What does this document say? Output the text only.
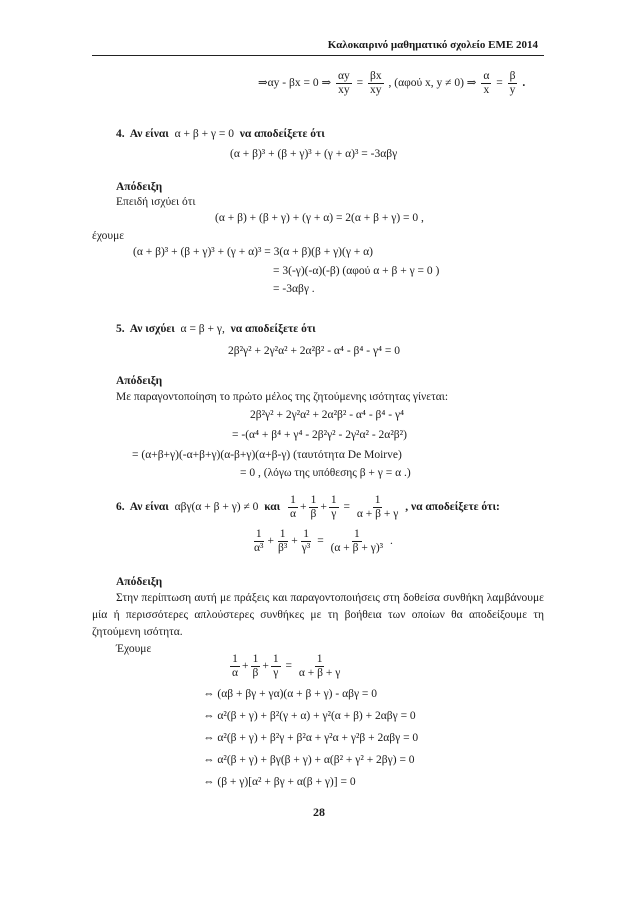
Καλοκαιρινό μαθηματικό σχολείο ΕΜΕ 2014
⇒αy - βx = 0 ⇒ $\frac{\alpha y}{xy} = \frac{\beta x}{xy}$ , (αφού x, y ≠ 0) ⇒ $\frac{\alpha}{x} = \frac{\beta}{y}$ .
4. Αν είναι α + β + γ = 0 να αποδείξετε ότι
(α + β)³ + (β + γ)³ + (γ + α)³ = -3αβγ
Απόδειξη
Επειδή ισχύει ότι
(α + β) + (β + γ) + (γ + α) = 2(α + β + γ) = 0 ,
έχουμε
(α + β)³ + (β + γ)³ + (γ + α)³ = 3(α + β)(β + γ)(γ + α)
= 3(-γ)(-α)(-β) (αφού α + β + γ = 0 )
= -3αβγ .
5. Αν ισχύει α = β + γ, να αποδείξετε ότι
2β²γ² + 2γ²α² + 2α²β² - α⁴ - β⁴ - γ⁴ = 0
Απόδειξη
Με παραγοντοποίηση το πρώτο μέλος της ζητούμενης ισότητας γίνεται:
2β²γ² + 2γ²α² + 2α²β² - α⁴ - β⁴ - γ⁴
= -(α⁴ + β⁴ + γ⁴ - 2β²γ² - 2γ²α² - 2α²β²)
= (α+β+γ)(-α+β+γ)(α-β+γ)(α+β-γ) (ταυτότητα De Moirve)
= 0 , (λόγω της υπόθεσης β + γ = α .)
6. Αν είναι αβγ(α + β + γ) ≠ 0 και $\frac{1}{\alpha} + \frac{1}{\beta} + \frac{1}{\gamma} = \frac{1}{\alpha + \beta + \gamma}$ , να αποδείξετε ότι:
$\frac{1}{\text{α³}} + \frac{1}{\text{β³}} + \frac{1}{\text{γ³}} = \frac{1}{\text{(α + β + γ)³}}$ .
Απόδειξη
Στην περίπτωση αυτή με πράξεις και παραγοντοποιήσεις στη δοθείσα συνθήκη λαμβάνουμε μία ή περισσότερες απλούστερες συνθήκες με τη βοήθεια των οποίων θα αποδείξουμε τη ζητούμενη ισότητα.
Έχουμε
$\frac{1}{\alpha} + \frac{1}{\beta} + \frac{1}{\gamma} = \frac{1}{\alpha + \beta + \gamma}$
⇔ (αβ + βγ + γα)(α + β + γ) - αβγ = 0
⇔ α²(β + γ) + β²(γ + α) + γ²(α + β) + 2αβγ = 0
⇔ α²(β + γ) + β²γ + β²α + γ²α + γ²β + 2αβγ = 0
⇔ α²(β + γ) + βγ(β + γ) + α(β² + γ² + 2βγ) = 0
⇔ (β + γ)[α² + βγ + α(β + γ)] = 0
28
